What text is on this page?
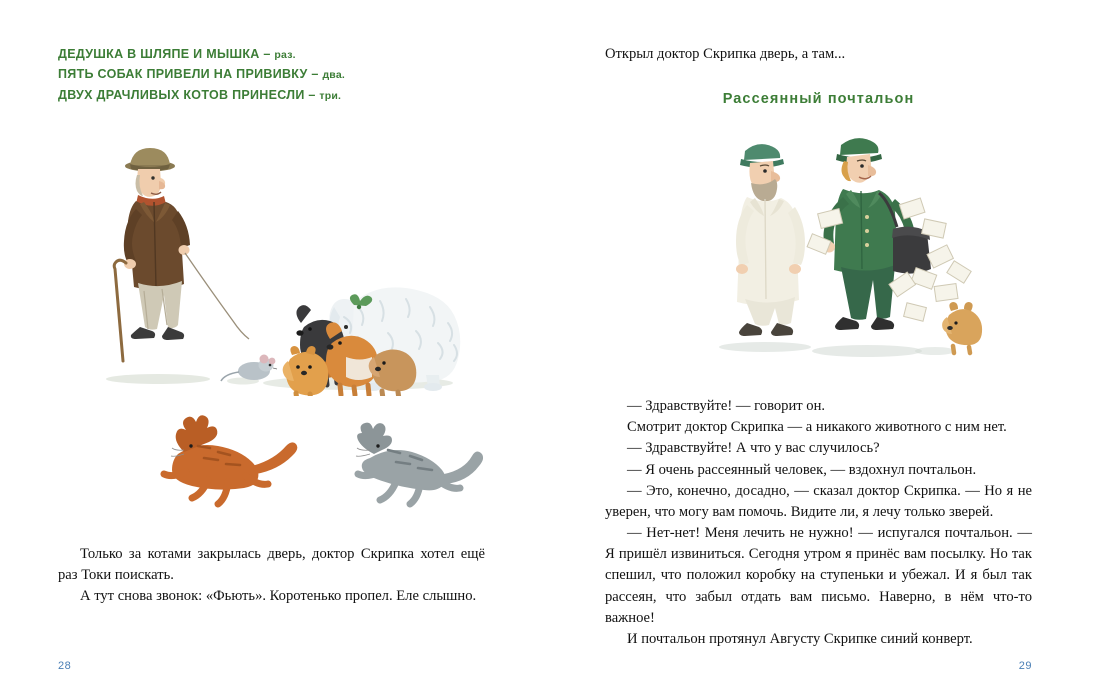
ДЕДУШКА В ШЛЯПЕ И МЫШКА – раз.
ПЯТЬ СОБАК ПРИВЕЛИ НА ПРИВИВКУ – два.
ДВУХ ДРАЧЛИВЫХ КОТОВ ПРИНЕСЛИ – три.

Только за котами закрылась дверь, доктор Скрипка хотел ещё раз Токи поискать.

А тут снова звонок: «Фьють». Коротенько пропел. Еле слышно.

28
Открыл доктор Скрипка дверь, а там...
Рассеянный почтальон

— Здравствуйте! — говорит он.

Смотрит доктор Скрипка — а никакого животного с ним нет.

— Здравствуйте! А что у вас случилось?

— Я очень рассеянный человек, — вздохнул почтальон.

— Это, конечно, досадно, — сказал доктор Скрипка. — Но я не уверен, что могу вам помочь. Видите ли, я лечу только зверей.

— Нет-нет! Меня лечить не нужно! — испугался почтальон. — Я пришёл извиниться. Сегодня утром я принёс вам посылку. Но так спешил, что положил коробку на ступеньки и убежал. И я был так рассеян, что забыл отдать вам письмо. Наверно, в нём что-то важное!

И почтальон протянул Августу Скрипке синий конверт.

29
